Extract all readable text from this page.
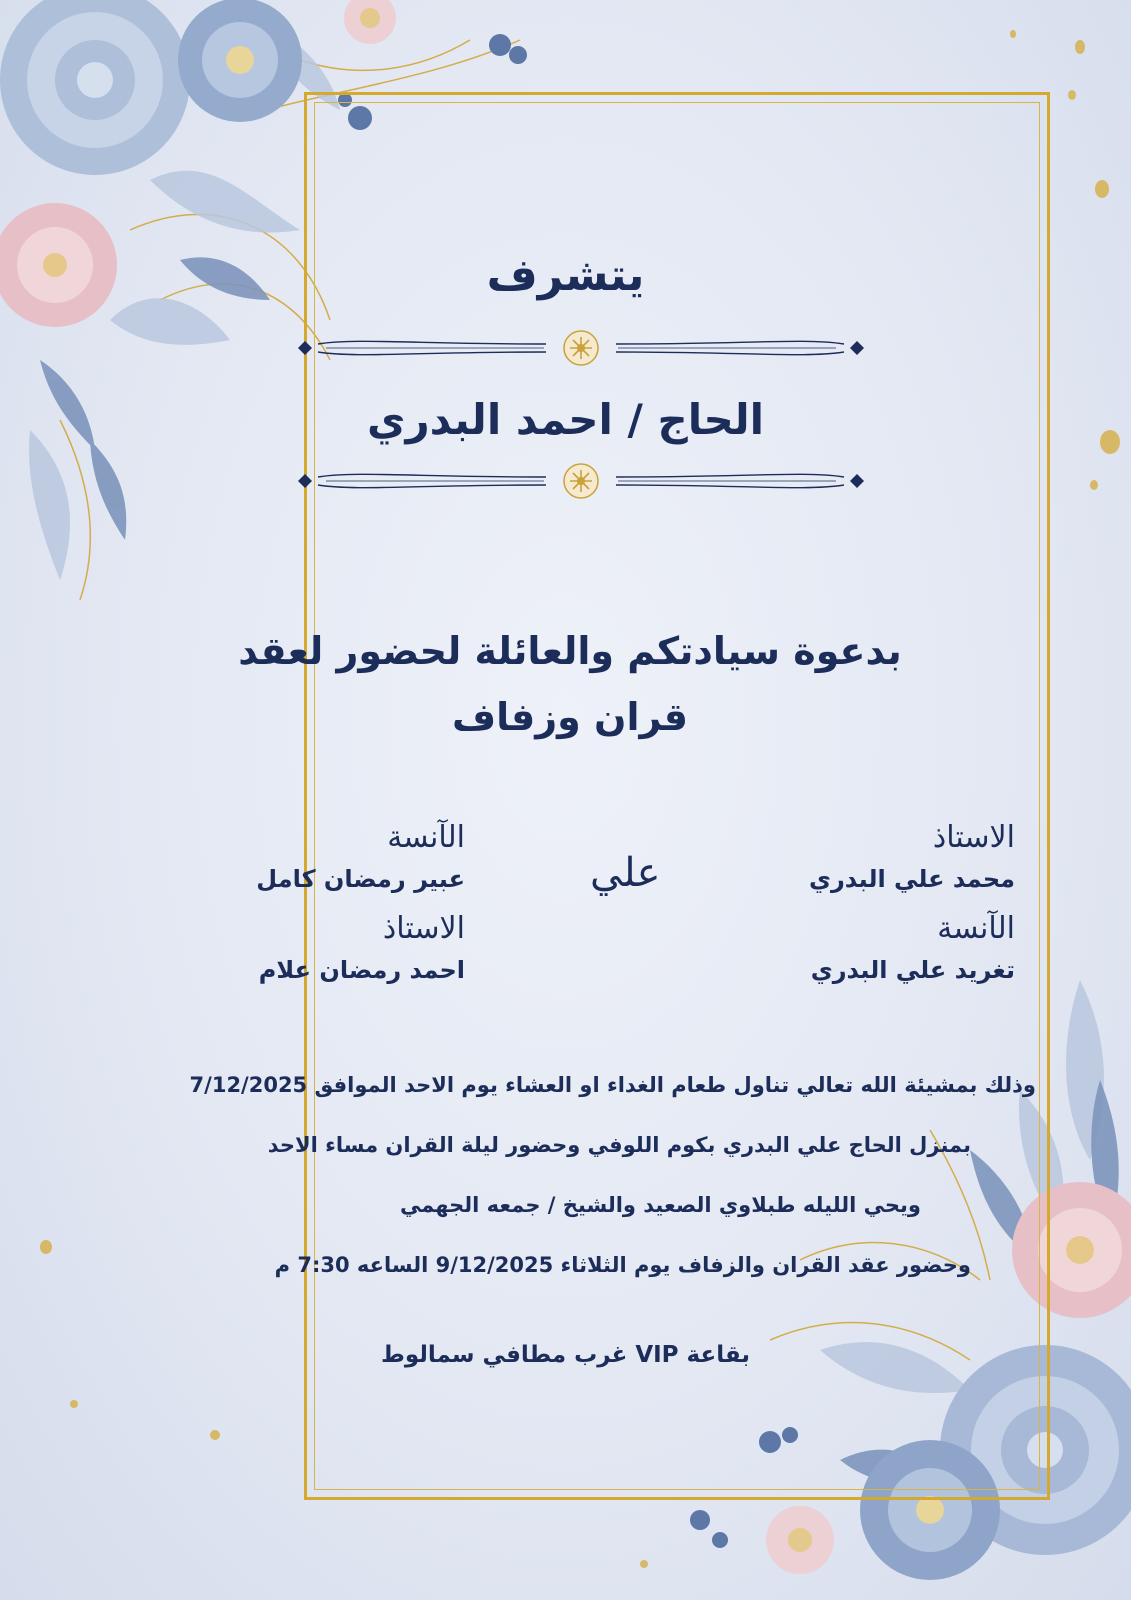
يتشرف
الحاج / احمد البدري
بدعوة سيادتكم والعائلة لحضور لعقد قران وزفاف
الاستاذ
محمد علي البدري
الآنسة
تغريد علي البدري
علي
الآنسة
عبير رمضان كامل
الاستاذ
احمد رمضان علام
وذلك بمشيئة الله تعالي تناول طعام الغداء او العشاء يوم الاحد الموافق 7/12/2025
بمنزل الحاج علي البدري بكوم اللوفي وحضور ليلة القران مساء الاحد
ويحي الليله طبلاوي الصعيد والشيخ / جمعه الجهمي
وحضور عقد القران والزفاف يوم الثلاثاء 9/12/2025 الساعه 7:30 م
بقاعة VIP غرب مطافي سمالوط
